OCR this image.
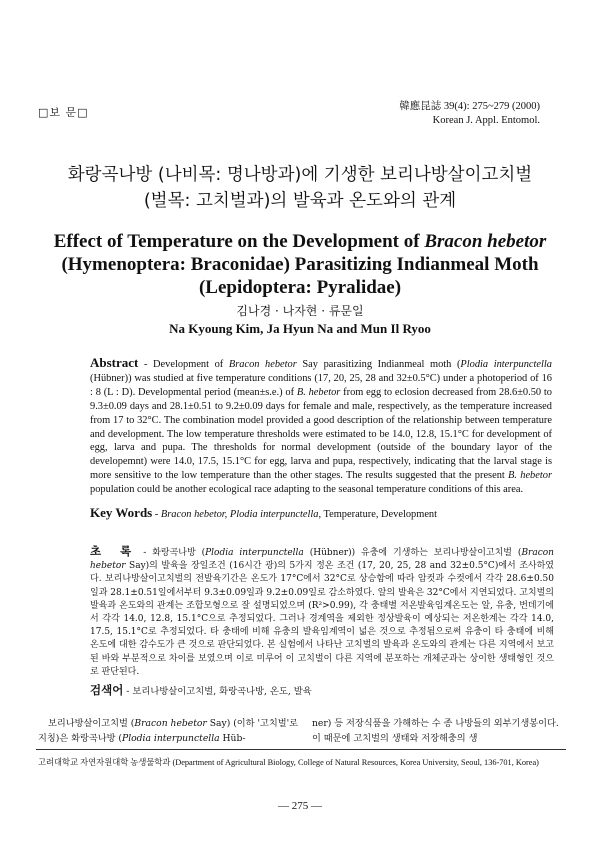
□보 문□	韓應昆誌 39(4): 275~279 (2000)
Korean J. Appl. Entomol.
화랑곡나방 (나비목: 명나방과)에 기생한 보리나방살이고치벌
(벌목: 고치벌과)의 발육과 온도와의 관계
Effect of Temperature on the Development of Bracon hebetor
(Hymenoptera: Braconidae) Parasitizing Indianmeal Moth
(Lepidoptera: Pyralidae)
김나경 · 나자현 · 류문일
Na Kyoung Kim, Ja Hyun Na and Mun Il Ryoo
Abstract - Development of Bracon hebetor Say parasitizing Indianmeal moth (Plodia interpunctella (Hübner)) was studied at five temperature conditions (17, 20, 25, 28 and 32±0.5°C) under a photoperiod of 16 : 8 (L : D). Developmental period (mean±s.e.) of B. hebetor from egg to eclosion decreased from 28.6±0.50 to 9.3±0.09 days and 28.1±0.51 to 9.2±0.09 days for female and male, respectively, as the temperature increased from 17 to 32°C. The combination model provided a good description of the relationship between temperature and development. The low temperature thresholds were estimated to be 14.0, 12.8, 15.1°C for development of egg, larva and pupa. The thresholds for normal development (outside of the boundary layor of the developemnt) were 14.0, 17.5, 15.1°C for egg, larva and pupa, respectively, indicating that the larval stage is more sensitive to the low temperature than the other stages. The results suggested that the present B. hebetor population could be another ecological race adapting to the seasonal temperature conditions of this area.
Key Words - Bracon hebetor, Plodia interpunctella, Temperature, Development
초 록 - 화랑곡나방 (Plodia interpunctella (Hübner)) 유충에 기생하는 보리나방살이고치벌 (Bracon hebetor Say)의 발육을 장일조건 (16시간 광)의 5가지 정온 조건 (17, 20, 25, 28 and 32±0.5°C)에서 조사하였다. 보리나방살이고치벌의 전발육기간은 온도가 17°C에서 32°C로 상승함에 따라 암컷과 수컷에서 각각 28.6±0.50일과 28.1±0.51일에서부터 9.3±0.09일과 9.2±0.09일로 감소하였다. 알의 발육은 32°C에서 지연되었다. 고치벌의 발육과 온도와의 관계는 조합모형으로 잘 설명되었으며 (R²>0.99), 각 충태별 저온발육임계온도는 알, 유충, 번데기에서 각각 14.0, 12.8, 15.1°C으로 추정되었다. 그러나 경계역을 제외한 정상발육이 예상되는 저온한계는 각각 14.0, 17.5, 15.1°C로 추정되었다. 타 충태에 비해 유충의 발육임계역이 넓은 것으로 추정됨으로써 유충이 타 충태에 비해 온도에 대한 감수도가 큰 것으로 판단되었다. 본 실험에서 나타난 고치벌의 발육과 온도와의 관계는 다른 지역에서 보고된 바와 부분적으로 차이를 보였으며 이로 미루어 이 고치벌이 다른 지역에 분포하는 개체군과는 상이한 생태형인 것으로 판단된다.
검색어 - 보리나방살이고치벌, 화랑곡나방, 온도, 발육
보리나방살이고치벌 (Bracon hebetor Say) (이하 '고치벌'로 지칭)은 화랑곡나방 (Plodia interpunctella Hüb-
ner) 등 저장식품을 가해하는 수 종 나방들의 외부기생봉이다. 이 때문에 고치벌의 생태와 저장해충의 생
고려대학교 자연자원대학 농생물학과 (Department of Agricultural Biology, College of Natural Resources, Korea University, Seoul, 136-701, Korea)
— 275 —
